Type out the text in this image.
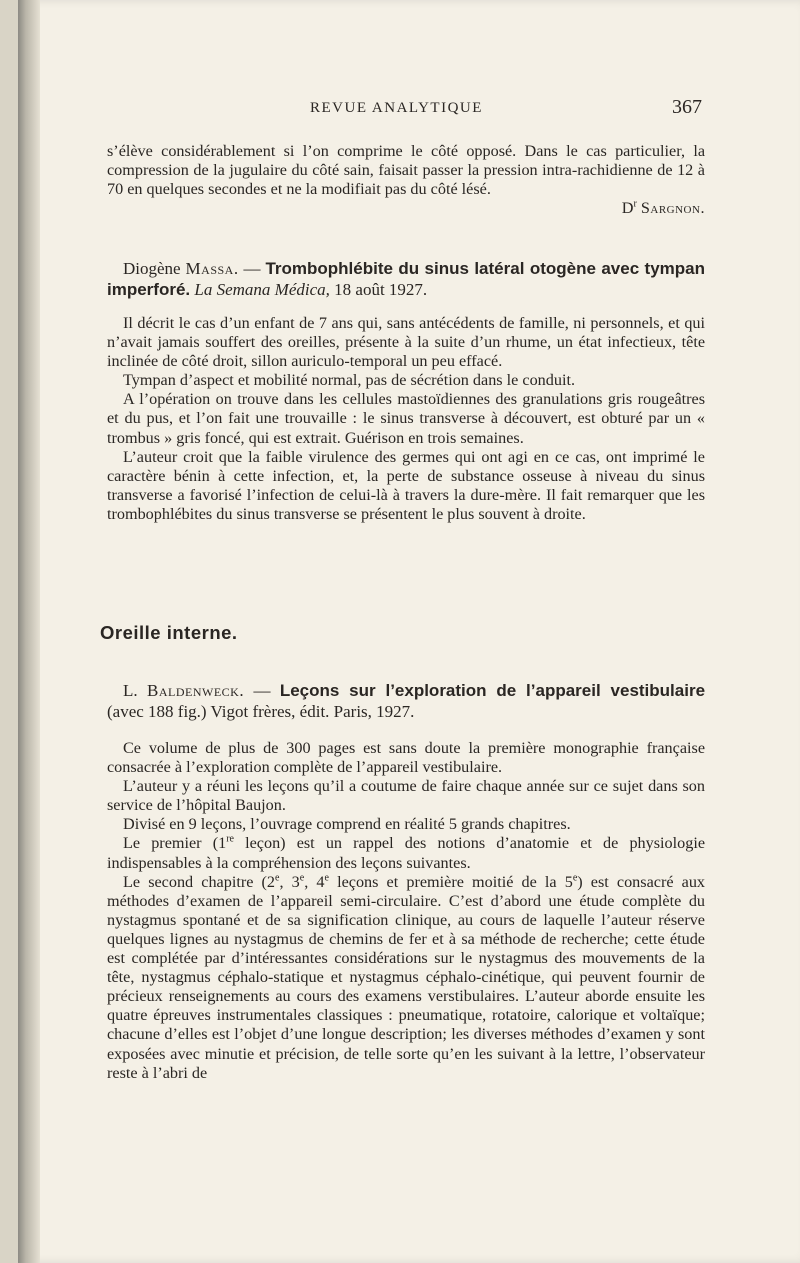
REVUE ANALYTIQUE	367

s’élève considérablement si l’on comprime le côté opposé. Dans le cas particulier, la compression de la jugulaire du côté sain, faisait passer la pression intra-rachidienne de 12 à 70 en quelques secondes et ne la modifiait pas du côté lésé.
$D^r$ Sargnon.

Diogène Massa. — Trombophlébite du sinus latéral otogène avec tympan imperforé. La Semana Médica, 18 août 1927.

Il décrit le cas d’un enfant de 7 ans qui, sans antécédents de famille, ni personnels, et qui n’avait jamais souffert des oreilles, présente à la suite d’un rhume, un état infectieux, tête inclinée de côté droit, sillon auriculo-temporal un peu effacé.

Tympan d’aspect et mobilité normal, pas de sécrétion dans le conduit.

A l’opération on trouve dans les cellules mastoïdiennes des granulations gris rougeâtres et du pus, et l’on fait une trouvaille : le sinus transverse à découvert, est obturé par un « trombus » gris foncé, qui est extrait. Guérison en trois semaines.

L’auteur croit que la faible virulence des germes qui ont agi en ce cas, ont imprimé le caractère bénin à cette infection, et, la perte de substance osseuse à niveau du sinus transverse a favorisé l’infection de celui-là à travers la dure-mère. Il fait remarquer que les trombophlébites du sinus transverse se présentent le plus souvent à droite.

Oreille interne.

L. Baldenweck. — Leçons sur l’exploration de l’appareil vestibulaire (avec 188 fig.) Vigot frères, édit. Paris, 1927.

Ce volume de plus de 300 pages est sans doute la première monographie française consacrée à l’exploration complète de l’appareil vestibulaire.

L’auteur y a réuni les leçons qu’il a coutume de faire chaque année sur ce sujet dans son service de l’hôpital Baujon.

Divisé en 9 leçons, l’ouvrage comprend en réalité 5 grands chapitres.

Le premier (1re leçon) est un rappel des notions d’anatomie et de physiologie indispensables à la compréhension des leçons suivantes.

Le second chapitre (2e, 3e, 4e leçons et première moitié de la 5e) est consacré aux méthodes d’examen de l’appareil semi-circulaire. C’est d’abord une étude complète du nystagmus spontané et de sa signification clinique, au cours de laquelle l’auteur réserve quelques lignes au nystagmus de chemins de fer et à sa méthode de recherche; cette étude est complétée par d’intéressantes considérations sur le nystagmus des mouvements de la tête, nystagmus céphalo-statique et nystagmus céphalo-cinétique, qui peuvent fournir de précieux renseignements au cours des examens verstibulaires. L’auteur aborde ensuite les quatre épreuves instrumentales classiques : pneumatique, rotatoire, calorique et voltaïque; chacune d’elles est l’objet d’une longue description; les diverses méthodes d’examen y sont exposées avec minutie et précision, de telle sorte qu’en les suivant à la lettre, l’observateur reste à l’abri de
